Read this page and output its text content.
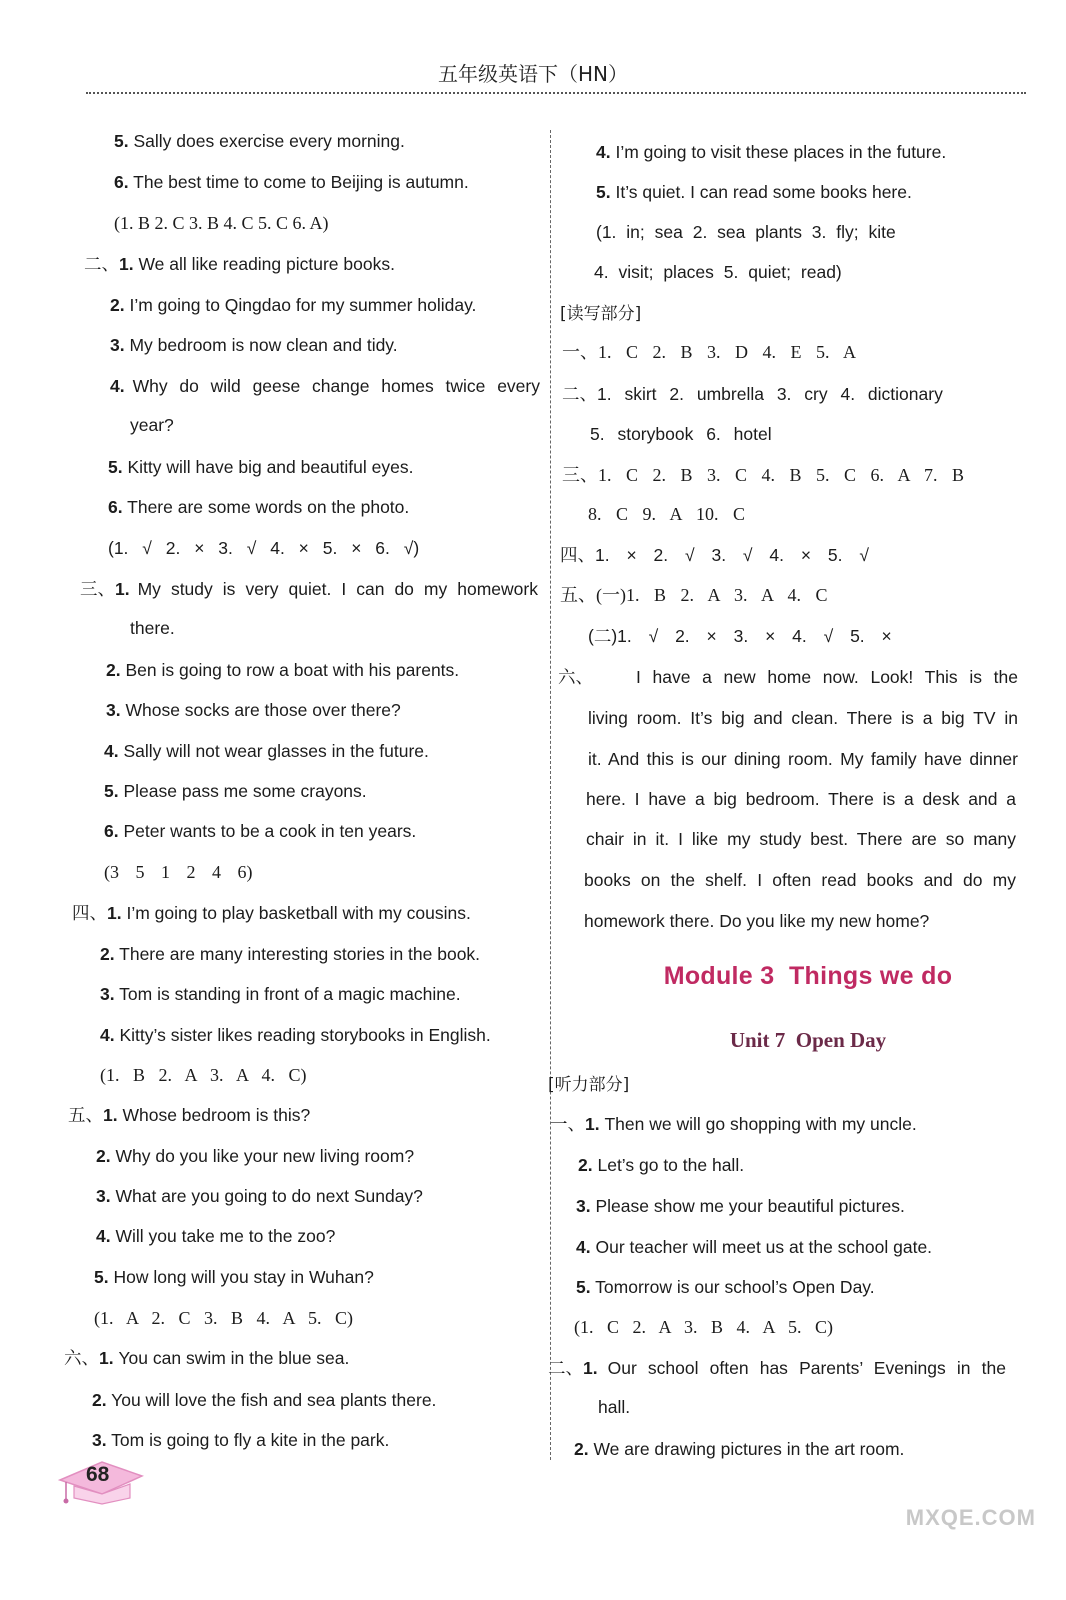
五年级英语下（HN）
5. Sally does exercise every morning.
6. The best time to come to Beijing is autumn.
(1. B 2. C 3. B 4. C 5. C 6. A)
二、1. We all like reading picture books.
2. I’m going to Qingdao for my summer holiday.
3. My bedroom is now clean and tidy.
4. Why do wild geese change homes twice every
year?
5. Kitty will have big and beautiful eyes.
6. There are some words on the photo.
(1. √ 2. × 3. √ 4. × 5. × 6. √)
三、1. My study is very quiet. I can do my homework
there.
2. Ben is going to row a boat with his parents.
3. Whose socks are those over there?
4. Sally will not wear glasses in the future.
5. Please pass me some crayons.
6. Peter wants to be a cook in ten years.
(3 5 1 2 4 6)
四、1. I’m going to play basketball with my cousins.
2. There are many interesting stories in the book.
3. Tom is standing in front of a magic machine.
4. Kitty’s sister likes reading storybooks in English.
(1. B 2. A 3. A 4. C)
五、1. Whose bedroom is this?
2. Why do you like your new living room?
3. What are you going to do next Sunday?
4. Will you take me to the zoo?
5. How long will you stay in Wuhan?
(1. A 2. C 3. B 4. A 5. C)
六、1. You can swim in the blue sea.
2. You will love the fish and sea plants there.
3. Tom is going to fly a kite in the park.
4. I’m going to visit these places in the future.
5. It’s quiet. I can read some books here.
(1. in; sea 2. sea plants 3. fly; kite
4. visit; places 5. quiet; read)
[读写部分]
一、1. C 2. B 3. D 4. E 5. A
二、1. skirt 2. umbrella 3. cry 4. dictionary
5. storybook 6. hotel
三、1. C 2. B 3. C 4. B 5. C 6. A 7. B
8. C 9. A 10. C
四、1. × 2. √ 3. √ 4. × 5. √
五、(一)1. B 2. A 3. A 4. C
(二)1. √ 2. × 3. × 4. √ 5. ×
六、 I have a new home now. Look! This is the
living room. It’s big and clean. There is a big TV in
it. And this is our dining room. My family have dinner
here. I have a big bedroom. There is a desk and a
chair in it. I like my study best. There are so many
books on the shelf. I often read books and do my
homework there. Do you like my new home?
Module 3  Things we do
Unit 7  Open Day
[听力部分]
一、1. Then we will go shopping with my uncle.
2. Let’s go to the hall.
3. Please show me your beautiful pictures.
4. Our teacher will meet us at the school gate.
5. Tomorrow is our school’s Open Day.
(1. C 2. A 3. B 4. A 5. C)
二、1. Our school often has Parents’ Evenings in the
hall.
2. We are drawing pictures in the art room.
68
MXQE.COM
